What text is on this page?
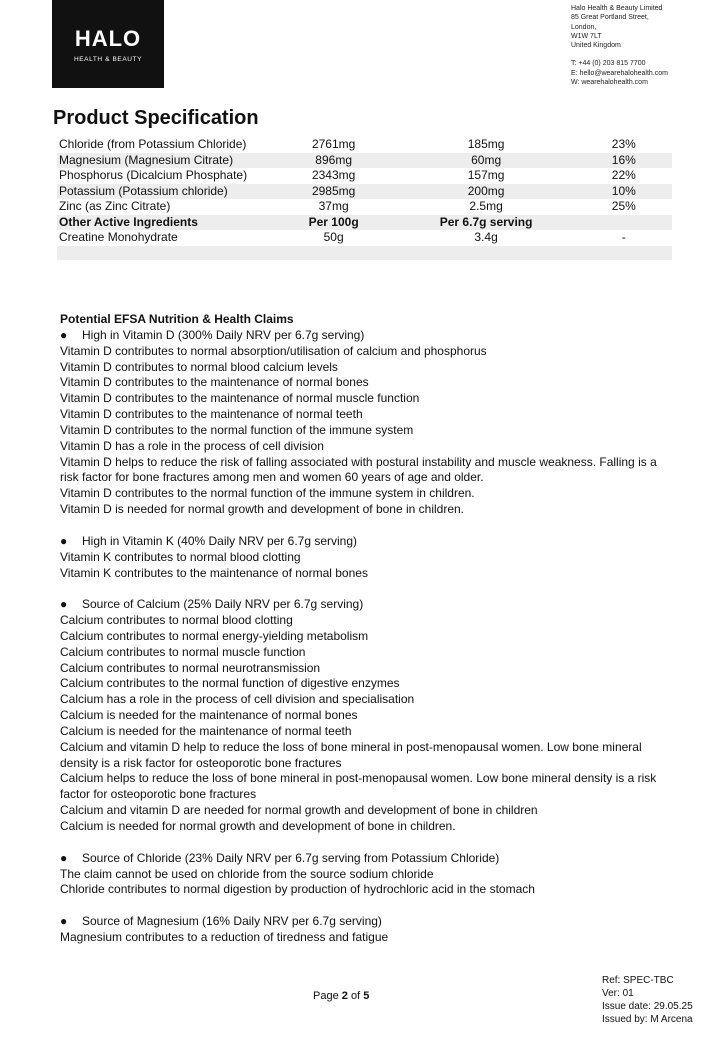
HALO
HEALTH & BEAUTY
Halo Health & Beauty Limited
85 Great Portland Street,
London,
W1W 7LT
United Kingdom
T: +44 (0) 203 815 7700
E: hello@wearehalohealth.com
W: wearehalohealth.com
Product Specification
Chloride (from Potassium Chloride)	2761mg	185mg	23%
Magnesium (Magnesium Citrate)	896mg	60mg	16%
Phosphorus (Dicalcium Phosphate)	2343mg	157mg	22%
Potassium (Potassium chloride)	2985mg	200mg	10%
Zinc (as Zinc Citrate)	37mg	2.5mg	25%
Other Active Ingredients	Per 100g	Per 6.7g serving	
Creatine Monohydrate	50g	3.4g	-

Potential EFSA Nutrition & Health Claims
● High in Vitamin D (300% Daily NRV per 6.7g serving)
Vitamin D contributes to normal absorption/utilisation of calcium and phosphorus
Vitamin D contributes to normal blood calcium levels
Vitamin D contributes to the maintenance of normal bones
Vitamin D contributes to the maintenance of normal muscle function
Vitamin D contributes to the maintenance of normal teeth
Vitamin D contributes to the normal function of the immune system
Vitamin D has a role in the process of cell division
Vitamin D helps to reduce the risk of falling associated with postural instability and muscle weakness. Falling is a risk factor for bone fractures among men and women 60 years of age and older.
Vitamin D contributes to the normal function of the immune system in children.
Vitamin D is needed for normal growth and development of bone in children.
● High in Vitamin K (40% Daily NRV per 6.7g serving)
Vitamin K contributes to normal blood clotting
Vitamin K contributes to the maintenance of normal bones
● Source of Calcium (25% Daily NRV per 6.7g serving)
Calcium contributes to normal blood clotting
Calcium contributes to normal energy-yielding metabolism
Calcium contributes to normal muscle function
Calcium contributes to normal neurotransmission
Calcium contributes to the normal function of digestive enzymes
Calcium has a role in the process of cell division and specialisation
Calcium is needed for the maintenance of normal bones
Calcium is needed for the maintenance of normal teeth
Calcium and vitamin D help to reduce the loss of bone mineral in post-menopausal women. Low bone mineral density is a risk factor for osteoporotic bone fractures
Calcium helps to reduce the loss of bone mineral in post-menopausal women. Low bone mineral density is a risk factor for osteoporotic bone fractures
Calcium and vitamin D are needed for normal growth and development of bone in children
Calcium is needed for normal growth and development of bone in children.
● Source of Chloride (23% Daily NRV per 6.7g serving from Potassium Chloride)
The claim cannot be used on chloride from the source sodium chloride
Chloride contributes to normal digestion by production of hydrochloric acid in the stomach
● Source of Magnesium (16% Daily NRV per 6.7g serving)
Magnesium contributes to a reduction of tiredness and fatigue
Page 2 of 5
Ref: SPEC-TBC
Ver: 01
Issue date: 29.05.25
Issued by: M Arcena
